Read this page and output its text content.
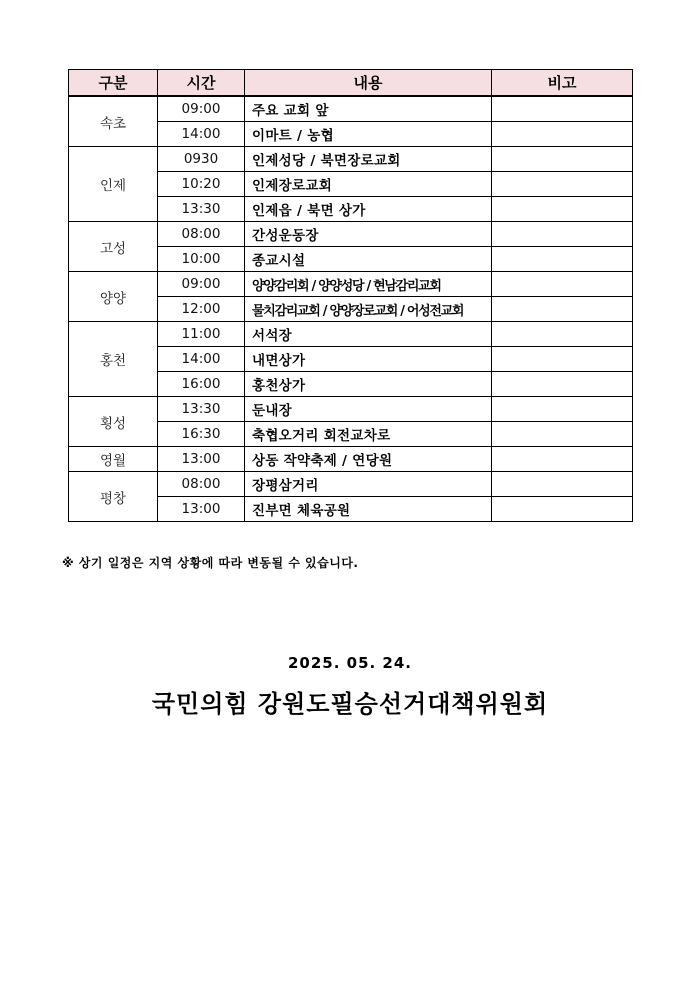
구분	시간	내용	비고
속초	09:00	주요 교회 앞	
	14:00	이마트 / 농협	
인제	0930	인제성당 / 북면장로교회	
	10:20	인제장로교회	
	13:30	인제읍 / 북면 상가	
고성	08:00	간성운동장	
	10:00	종교시설	
양양	09:00	양양감리회 / 양양성당 / 현남감리교회	
	12:00	물치감리교회 / 양양장로교회 / 어성전교회	
홍천	11:00	서석장	
	14:00	내면상가	
	16:00	홍천상가	
횡성	13:30	둔내장	
	16:30	축협오거리 회전교차로	
영월	13:00	상동 작약축제 / 연당원	
평창	08:00	장평삼거리	
	13:00	진부면 체육공원	
※ 상기 일정은 지역 상황에 따라 변동될 수 있습니다.
2025. 05. 24.
국민의힘 강원도필승선거대책위원회
